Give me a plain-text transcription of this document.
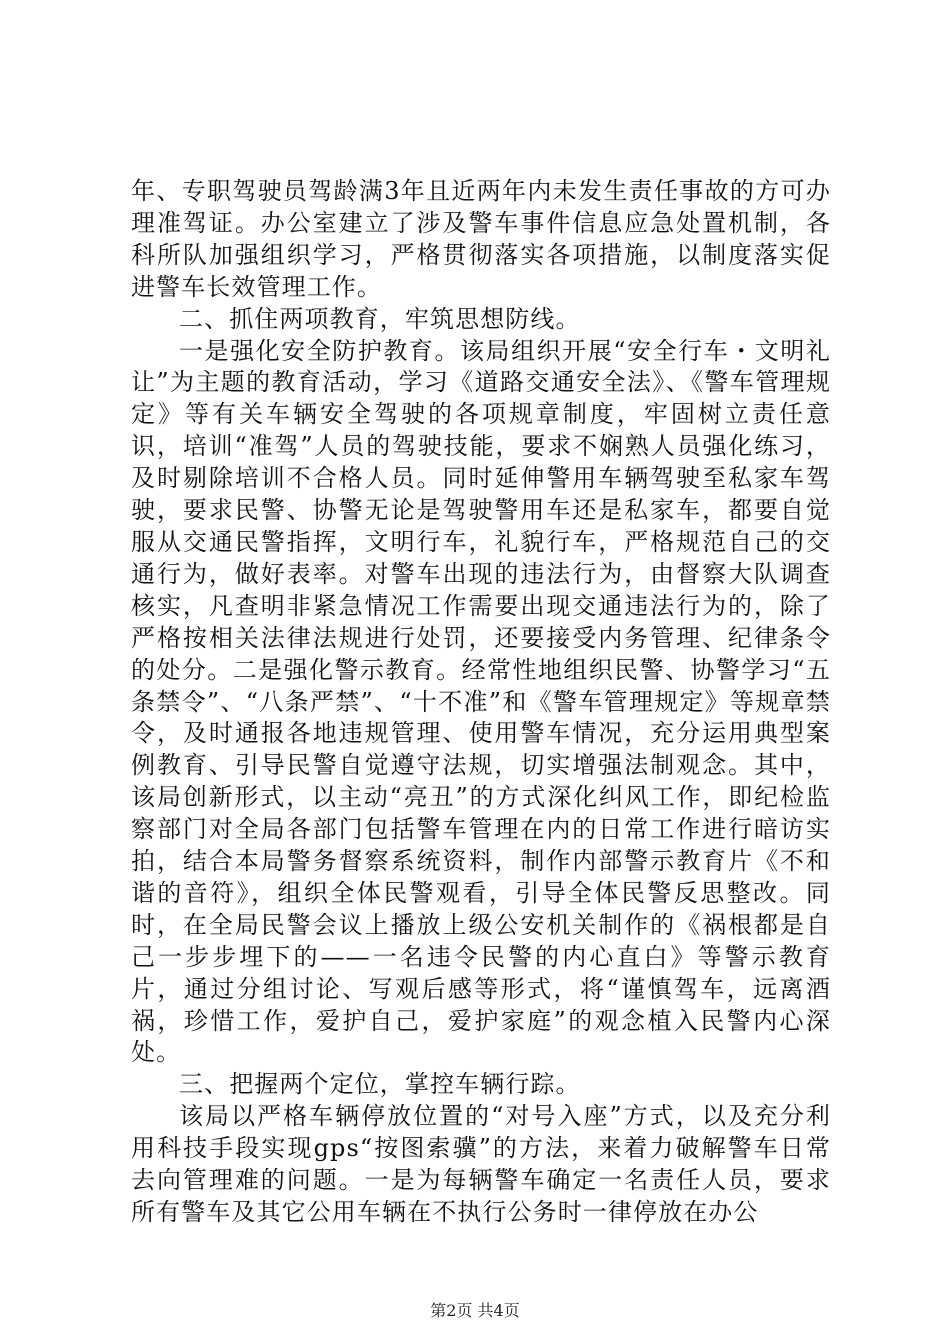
年、专职驾驶员驾龄满3年且近两年内未发生责任事故的方可办理准驾证。办公室建立了涉及警车事件信息应急处置机制，各科所队加强组织学习，严格贯彻落实各项措施，以制度落实促进警车长效管理工作。

二、抓住两项教育，牢筑思想防线。

一是强化安全防护教育。该局组织开展“安全行车・文明礼让”为主题的教育活动，学习《道路交通安全法》、《警车管理规定》等有关车辆安全驾驶的各项规章制度，牢固树立责任意识，培训“准驾”人员的驾驶技能，要求不娴熟人员强化练习，及时剔除培训不合格人员。同时延伸警用车辆驾驶至私家车驾驶，要求民警、协警无论是驾驶警用车还是私家车，都要自觉服从交通民警指挥，文明行车，礼貌行车，严格规范自己的交通行为，做好表率。对警车出现的违法行为，由督察大队调查核实，凡查明非紧急情况工作需要出现交通违法行为的，除了严格按相关法律法规进行处罚，还要接受内务管理、纪律条令的处分。二是强化警示教育。经常性地组织民警、协警学习“五条禁令”、“八条严禁”、“十不准”和《警车管理规定》等规章禁令，及时通报各地违规管理、使用警车情况，充分运用典型案例教育、引导民警自觉遵守法规，切实增强法制观念。其中，该局创新形式，以主动“亮丑”的方式深化纠风工作，即纪检监察部门对全局各部门包括警车管理在内的日常工作进行暗访实拍，结合本局警务督察系统资料，制作内部警示教育片《不和谐的音符》，组织全体民警观看，引导全体民警反思整改。同时，在全局民警会议上播放上级公安机关制作的《祸根都是自己一步步埋下的——一名违令民警的内心直白》等警示教育片，通过分组讨论、写观后感等形式，将“谨慎驾车，远离酒祸，珍惜工作，爱护自己，爱护家庭”的观念植入民警内心深处。

三、把握两个定位，掌控车辆行踪。

该局以严格车辆停放位置的“对号入座”方式，以及充分利用科技手段实现gps“按图索骥”的方法，来着力破解警车日常去向管理难的问题。一是为每辆警车确定一名责任人员，要求所有警车及其它公用车辆在不执行公务时一律停放在办公

第2页 共4页
